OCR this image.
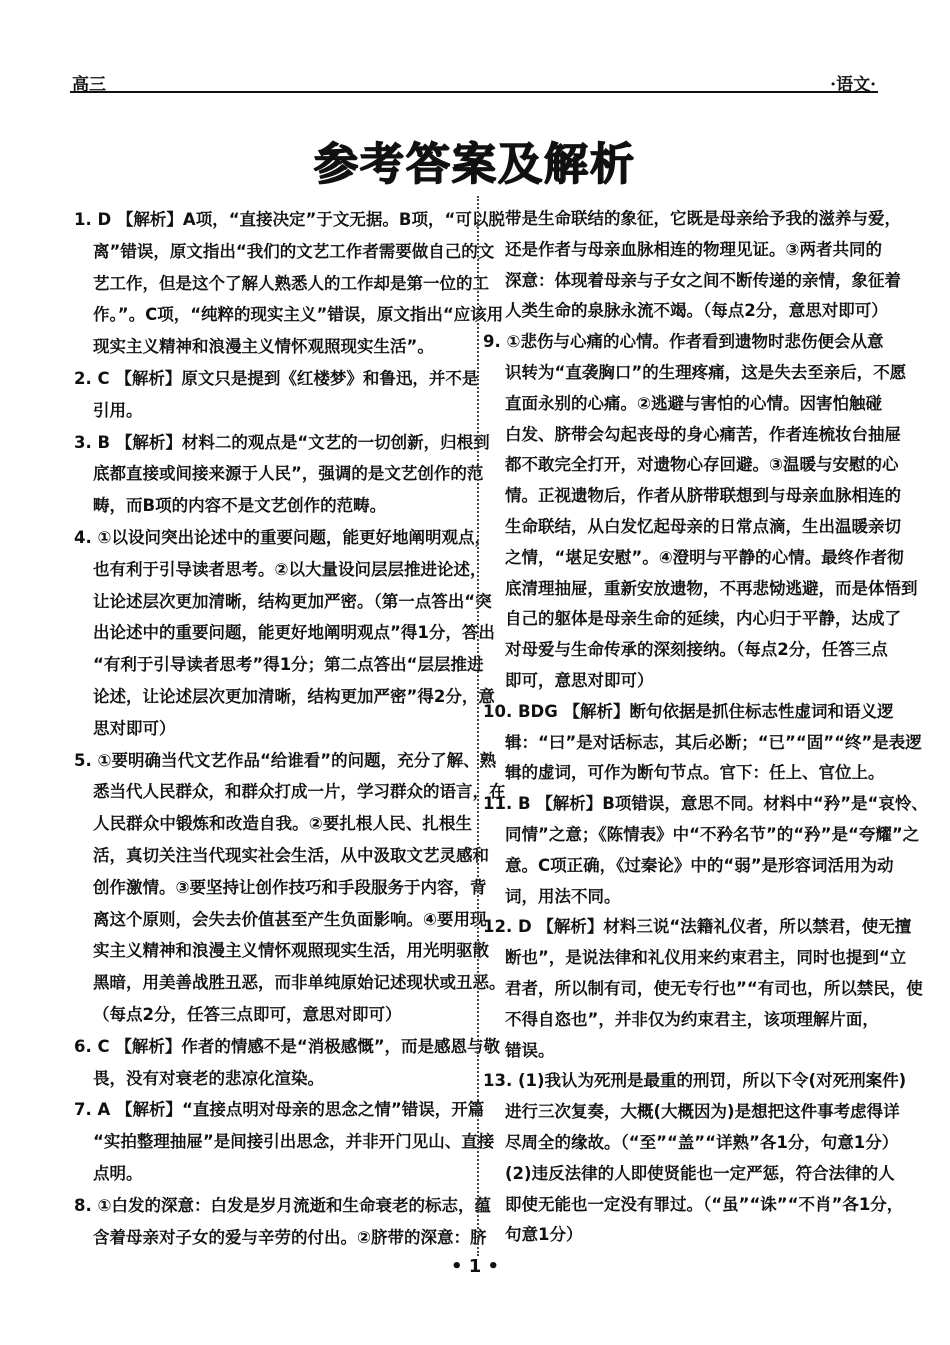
高三	·语文·
参考答案及解析
1. D 【解析】A项，“直接决定”于文无据。B项，“可以脱
离”错误，原文指出“我们的文艺工作者需要做自己的文
艺工作，但是这个了解人熟悉人的工作却是第一位的工
作。”。C项，“纯粹的现实主义”错误，原文指出“应该用
现实主义精神和浪漫主义情怀观照现实生活”。
2. C 【解析】原文只是提到《红楼梦》和鲁迅，并不是
引用。
3. B 【解析】材料二的观点是“文艺的一切创新，归根到
底都直接或间接来源于人民”，强调的是文艺创作的范
畴，而B项的内容不是文艺创作的范畴。
4. ①以设问突出论述中的重要问题，能更好地阐明观点，
也有利于引导读者思考。②以大量设问层层推进论述，
让论述层次更加清晰，结构更加严密。（第一点答出“突
出论述中的重要问题，能更好地阐明观点”得1分，答出
“有利于引导读者思考”得1分；第二点答出“层层推进
论述，让论述层次更加清晰，结构更加严密”得2分，意
思对即可）
5. ①要明确当代文艺作品“给谁看”的问题，充分了解、熟
悉当代人民群众，和群众打成一片，学习群众的语言，在
人民群众中锻炼和改造自我。②要扎根人民、扎根生
活，真切关注当代现实社会生活，从中汲取文艺灵感和
创作激情。③要坚持让创作技巧和手段服务于内容，背
离这个原则，会失去价值甚至产生负面影响。④要用现
实主义精神和浪漫主义情怀观照现实生活，用光明驱散
黑暗，用美善战胜丑恶，而非单纯原始记述现状或丑恶。
（每点2分，任答三点即可，意思对即可）
6. C 【解析】作者的情感不是“消极感慨”，而是感恩与敬
畏，没有对衰老的悲凉化渲染。
7. A 【解析】“直接点明对母亲的思念之情”错误，开篇
“实拍整理抽屉”是间接引出思念，并非开门见山、直接
点明。
8. ①白发的深意：白发是岁月流逝和生命衰老的标志，蕴
含着母亲对子女的爱与辛劳的付出。②脐带的深意：脐
带是生命联结的象征，它既是母亲给予我的滋养与爱，
还是作者与母亲血脉相连的物理见证。③两者共同的
深意：体现着母亲与子女之间不断传递的亲情，象征着
人类生命的泉脉永流不竭。（每点2分，意思对即可）
9. ①悲伤与心痛的心情。作者看到遗物时悲伤便会从意
识转为“直袭胸口”的生理疼痛，这是失去至亲后，不愿
直面永别的心痛。②逃避与害怕的心情。因害怕触碰
白发、脐带会勾起丧母的身心痛苦，作者连梳妆台抽屉
都不敢完全打开，对遗物心存回避。③温暖与安慰的心
情。正视遗物后，作者从脐带联想到与母亲血脉相连的
生命联结，从白发忆起母亲的日常点滴，生出温暖亲切
之情，“堪足安慰”。④澄明与平静的心情。最终作者彻
底清理抽屉，重新安放遗物，不再悲恸逃避，而是体悟到
自己的躯体是母亲生命的延续，内心归于平静，达成了
对母爱与生命传承的深刻接纳。（每点2分，任答三点
即可，意思对即可）
10. BDG 【解析】断句依据是抓住标志性虚词和语义逻
辑：“曰”是对话标志，其后必断；“已”“固”“终”是表逻
辑的虚词，可作为断句节点。官下：任上、官位上。
11. B 【解析】B项错误，意思不同。材料中“矜”是“哀怜、
同情”之意；《陈情表》中“不矜名节”的“矜”是“夸耀”之
意。C项正确，《过秦论》中的“弱”是形容词活用为动
词，用法不同。
12. D 【解析】材料三说“法籍礼仪者，所以禁君，使无擅
断也”，是说法律和礼仪用来约束君主，同时也提到“立
君者，所以制有司，使无专行也”“有司也，所以禁民，使
不得自恣也”，并非仅为约束君主，该项理解片面，
错误。
13. (1)我认为死刑是最重的刑罚，所以下令(对死刑案件)
进行三次复奏，大概(大概因为)是想把这件事考虑得详
尽周全的缘故。（“至”“盖”“详熟”各1分，句意1分）
(2)违反法律的人即使贤能也一定严惩，符合法律的人
即使无能也一定没有罪过。（“虽”“诛”“不肖”各1分，
句意1分）
• 1 •
